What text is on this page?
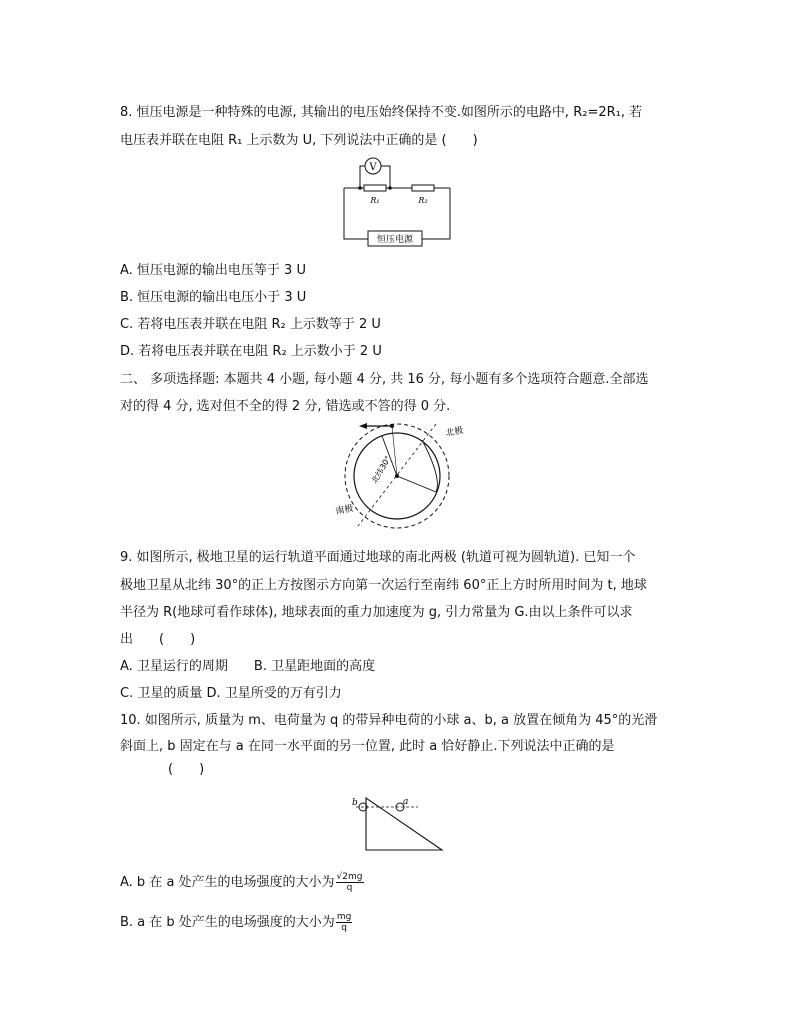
8. 恒压电源是一种特殊的电源, 其输出的电压始终保持不变.如图所示的电路中, R₂=2R₁, 若
电压表并联在电阻 R₁ 上示数为 U, 下列说法中正确的是 (　　)
V
R₁	R₂
恒压电源
A. 恒压电源的输出电压等于 3 U
B. 恒压电源的输出电压小于 3 U
C. 若将电压表并联在电阻 R₂ 上示数等于 2 U
D. 若将电压表并联在电阻 R₂ 上示数小于 2 U
二、 多项选择题: 本题共 4 小题, 每小题 4 分, 共 16 分, 每小题有多个选项符合题意.全部选
对的得 4 分, 选对但不全的得 2 分, 错选或不答的得 0 分.
北纬30°
北极
南极
9. 如图所示, 极地卫星的运行轨道平面通过地球的南北两极 (轨道可视为圆轨道). 已知一个
极地卫星从北纬 30°的正上方按图示方向第一次运行至南纬 60°正上方时所用时间为 t, 地球
半径为 R(地球可看作球体), 地球表面的重力加速度为 g, 引力常量为 G.由以上条件可以求
出　　(　　)
A. 卫星运行的周期　　B. 卫星距地面的高度
C. 卫星的质量 D. 卫星所受的万有引力
10. 如图所示, 质量为 m、电荷量为 q 的带异种电荷的小球 a、b, a 放置在倾角为 45°的光滑
斜面上, b 固定在与 a 在同一水平面的另一位置, 此时 a 恰好静止.下列说法中正确的是
(　　)
b	a
A. b 在 a 处产生的电场强度的大小为 $\frac{√2mg}{q}$
B. a 在 b 处产生的电场强度的大小为 $\frac{mg}{q}$
